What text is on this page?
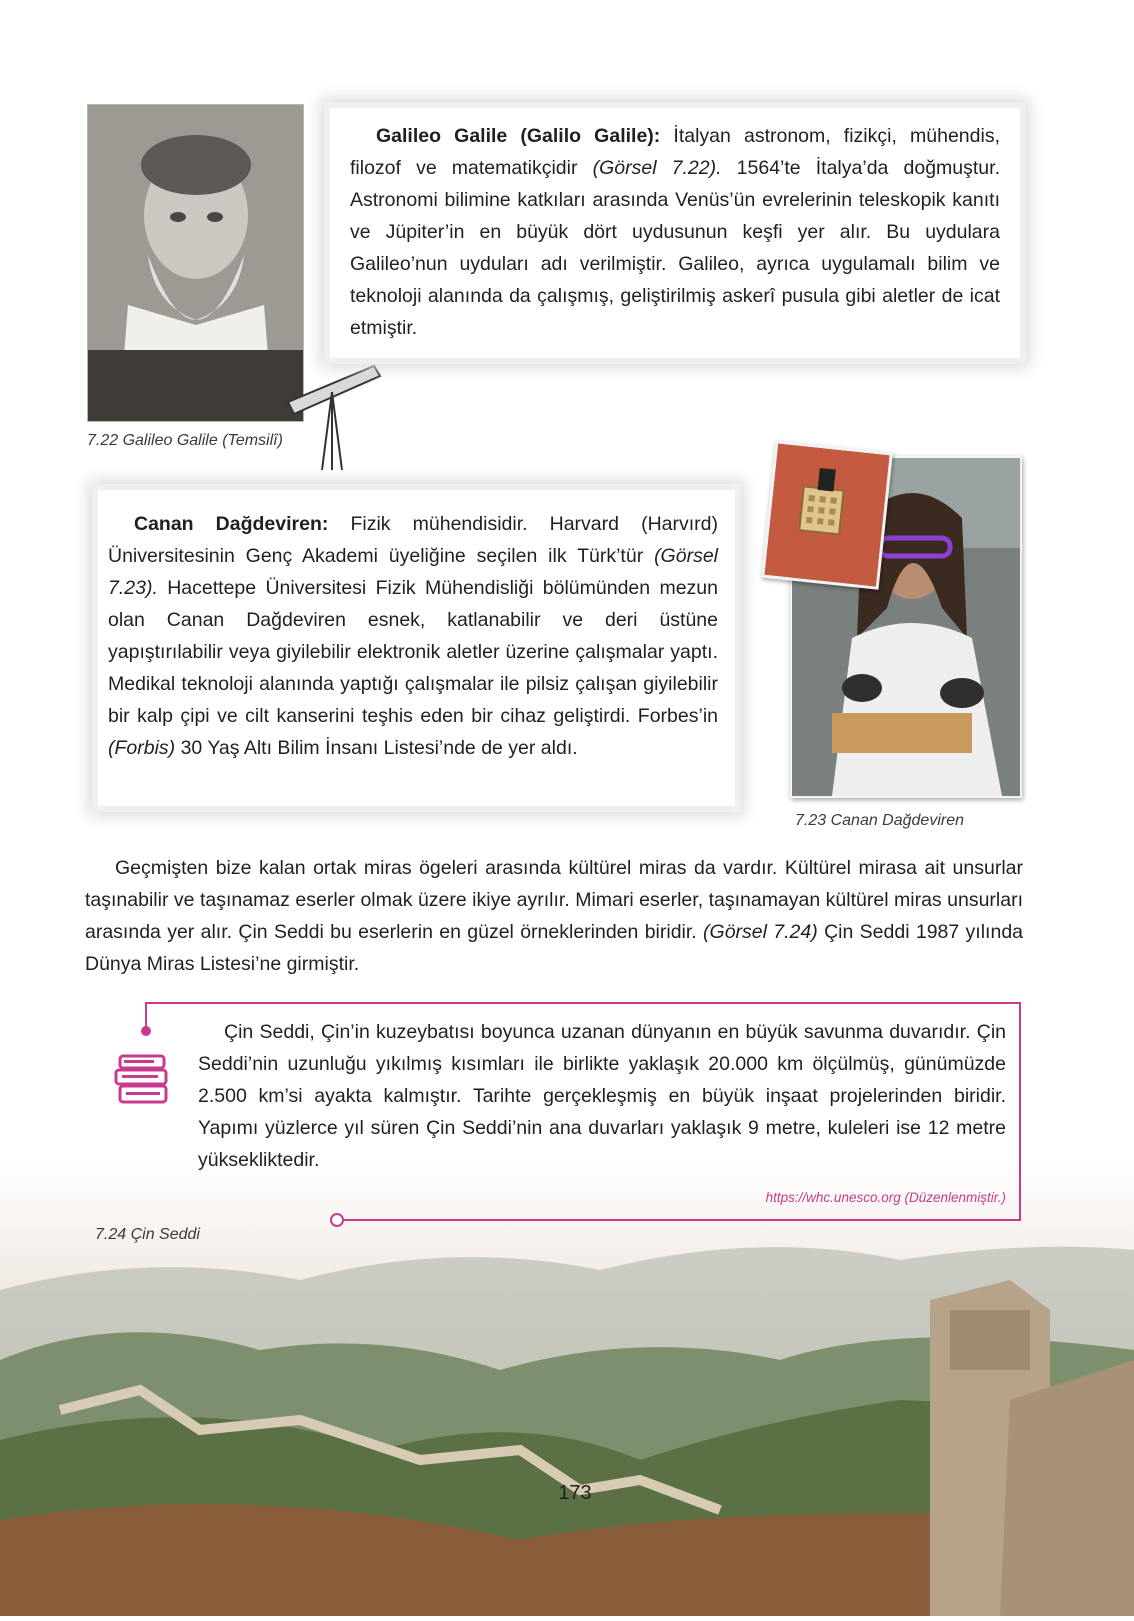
7.22 Galileo Galile (Temsilî)

Galileo Galile (Galilo Galile): İtalyan astronom, fizikçi, mühendis, filozof ve matematikçidir (Görsel 7.22). 1564’te İtalya’da doğmuştur. Astronomi bilimine katkıları arasında Venüs’ün evrelerinin teleskopik kanıtı ve Jüpiter’in en büyük dört uydusunun keşfi yer alır. Bu uydulara Galileo’nun uyduları adı verilmiştir. Galileo, ayrıca uygulamalı bilim ve teknoloji alanında da çalışmış, geliştirilmiş askerî pusula gibi aletler de icat etmiştir.

Canan Dağdeviren: Fizik mühendisidir. Harvard (Harvırd) Üniversitesinin Genç Akademi üyeliğine seçilen ilk Türk’tür (Görsel 7.23). Hacettepe Üniversitesi Fizik Mühendisliği bölümünden mezun olan Canan Dağdeviren esnek, katlanabilir ve deri üstüne yapıştırılabilir veya giyilebilir elektronik aletler üzerine çalışmalar yaptı. Medikal teknoloji alanında yaptığı çalışmalar ile pilsiz çalışan giyilebilir bir kalp çipi ve cilt kanserini teşhis eden bir cihaz geliştirdi. Forbes’in (Forbis) 30 Yaş Altı Bilim İnsanı Listesi’nde de yer aldı.

7.23 Canan Dağdeviren

Geçmişten bize kalan ortak miras ögeleri arasında kültürel miras da vardır. Kültürel mirasa ait unsurlar taşınabilir ve taşınamaz eserler olmak üzere ikiye ayrılır. Mimari eserler, taşınamayan kültürel miras unsurları arasında yer alır. Çin Seddi bu eserlerin en güzel örneklerinden biridir. (Görsel 7.24) Çin Seddi 1987 yılında Dünya Miras Listesi’ne girmiştir.

7.24 Çin Seddi

Çin Seddi, Çin’in kuzeybatısı boyunca uzanan dünyanın en büyük savunma duvarıdır. Çin Seddi’nin uzunluğu yıkılmış kısımları ile birlikte yaklaşık 20.000 km ölçülmüş, günümüzde 2.500 km’si ayakta kalmıştır. Tarihte gerçekleşmiş en büyük inşaat projelerinden biridir. Yapımı yüzlerce yıl süren Çin Seddi’nin ana duvarları yaklaşık 9 metre, kuleleri ise 12 metre yüksekliktedir.

https://whc.unesco.org (Düzenlenmiştir.)
173
